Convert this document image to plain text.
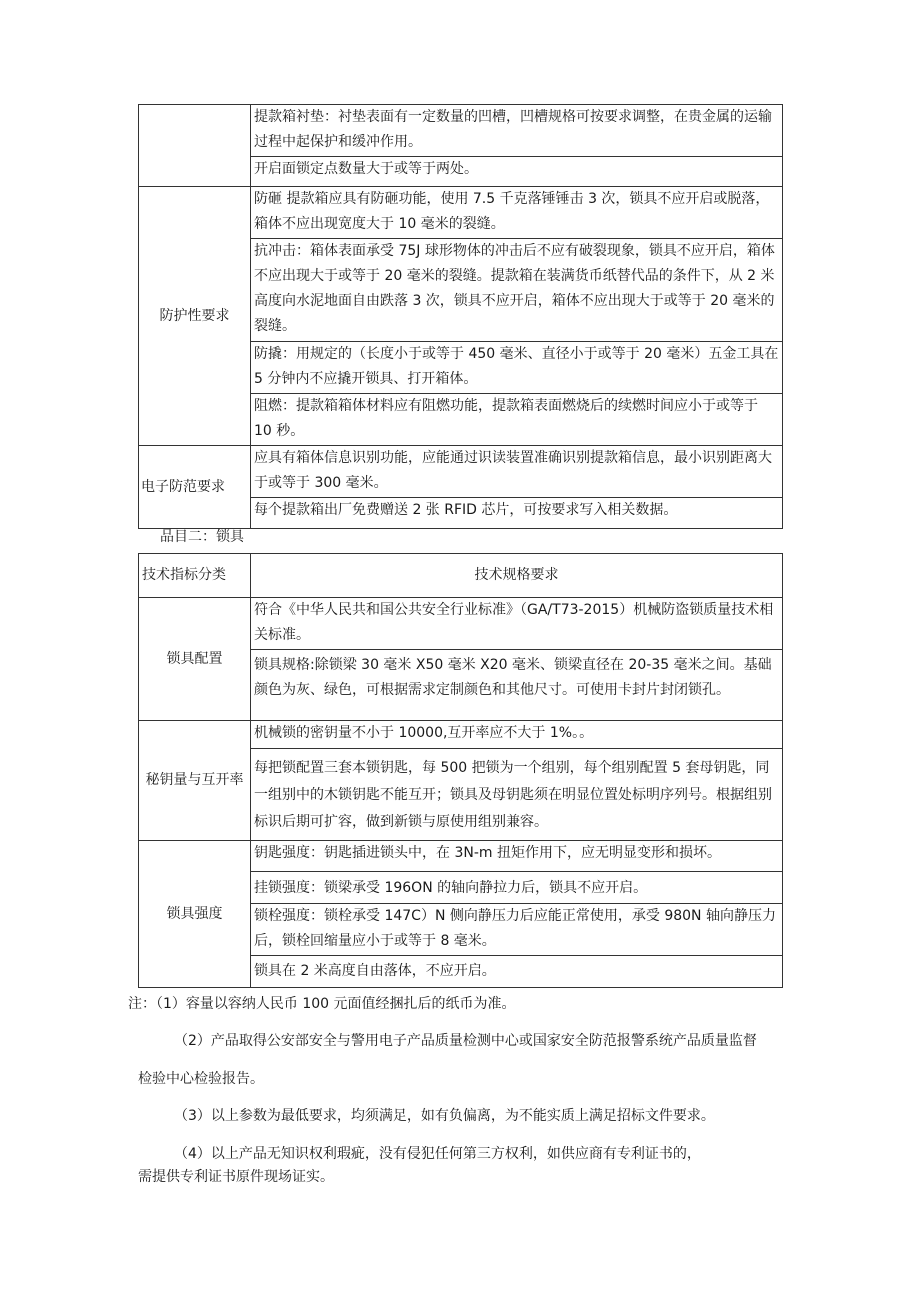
	提款箱衬垫：衬垫表面有一定数量的凹槽，凹槽规格可按要求调整，在贵金属的运输过程中起保护和缓冲作用。
	开启面锁定点数量大于或等于两处。
防护性要求	防砸 提款箱应具有防砸功能，使用 7.5 千克落锤锤击 3 次，锁具不应开启或脱落，箱体不应出现宽度大于 10 毫米的裂缝。
	抗冲击：箱体表面承受 75J 球形物体的冲击后不应有破裂现象，锁具不应开启，箱体不应出现大于或等于 20 毫米的裂缝。提款箱在装满货币纸替代品的条件下，从 2 米高度向水泥地面自由跌落 3 次，锁具不应开启，箱体不应出现大于或等于 20 毫米的裂缝。
	防撬：用规定的（长度小于或等于 450 毫米、直径小于或等于 20 毫米）五金工具在 5 分钟内不应撬开锁具、打开箱体。
	阻燃：提款箱箱体材料应有阻燃功能，提款箱表面燃烧后的续燃时间应小于或等于 10 秒。
电子防范要求	应具有箱体信息识别功能，应能通过识读装置准确识别提款箱信息，最小识别距离大于或等于 300 毫米。
	每个提款箱出厂免费赠送 2 张 RFID 芯片，可按要求写入相关数据。
品目二：锁具
技术指标分类	技术规格要求
锁具配置	符合《中华人民共和国公共安全行业标准》（GA/T73-2015）机械防盗锁质量技术相关标准。
	锁具规格:除锁梁 30 毫米 X50 毫米 X20 毫米、锁梁直径在 20-35 毫米之间。基础颜色为灰、绿色，可根据需求定制颜色和其他尺寸。可使用卡封片封闭锁孔。
秘钥量与互开率	机械锁的密钥量不小于 10000,互开率应不大于 1%。。
	每把锁配置三套本锁钥匙，每 500 把锁为一个组别，每个组别配置 5 套母钥匙，同一组别中的木锁钥匙不能互开；锁具及母钥匙须在明显位置处标明序列号。根据组别标识后期可扩容，做到新锁与原使用组别兼容。
锁具强度	钥匙强度：钥匙插进锁头中，在 3N-m 扭矩作用下，应无明显变形和损坏。
	挂锁强度：锁梁承受 196ON 的轴向静拉力后，锁具不应开启。
	锁栓强度：锁栓承受 147C）N 侧向静压力后应能正常使用，承受 980N 轴向静压力后，锁栓回缩量应小于或等于 8 毫米。
	锁具在 2 米高度自由落体，不应开启。
注：（1）容量以容纳人民币 100 元面值经捆扎后的纸币为准。
（2）产品取得公安部安全与警用电子产品质量检测中心或国家安全防范报警系统产品质量监督
检验中心检验报告。
（3）以上参数为最低要求，均须满足，如有负偏离，为不能实质上满足招标文件要求。
（4）以上产品无知识权利瑕疵，没有侵犯任何第三方权利，如供应商有专利证书的，
需提供专利证书原件现场证实。
